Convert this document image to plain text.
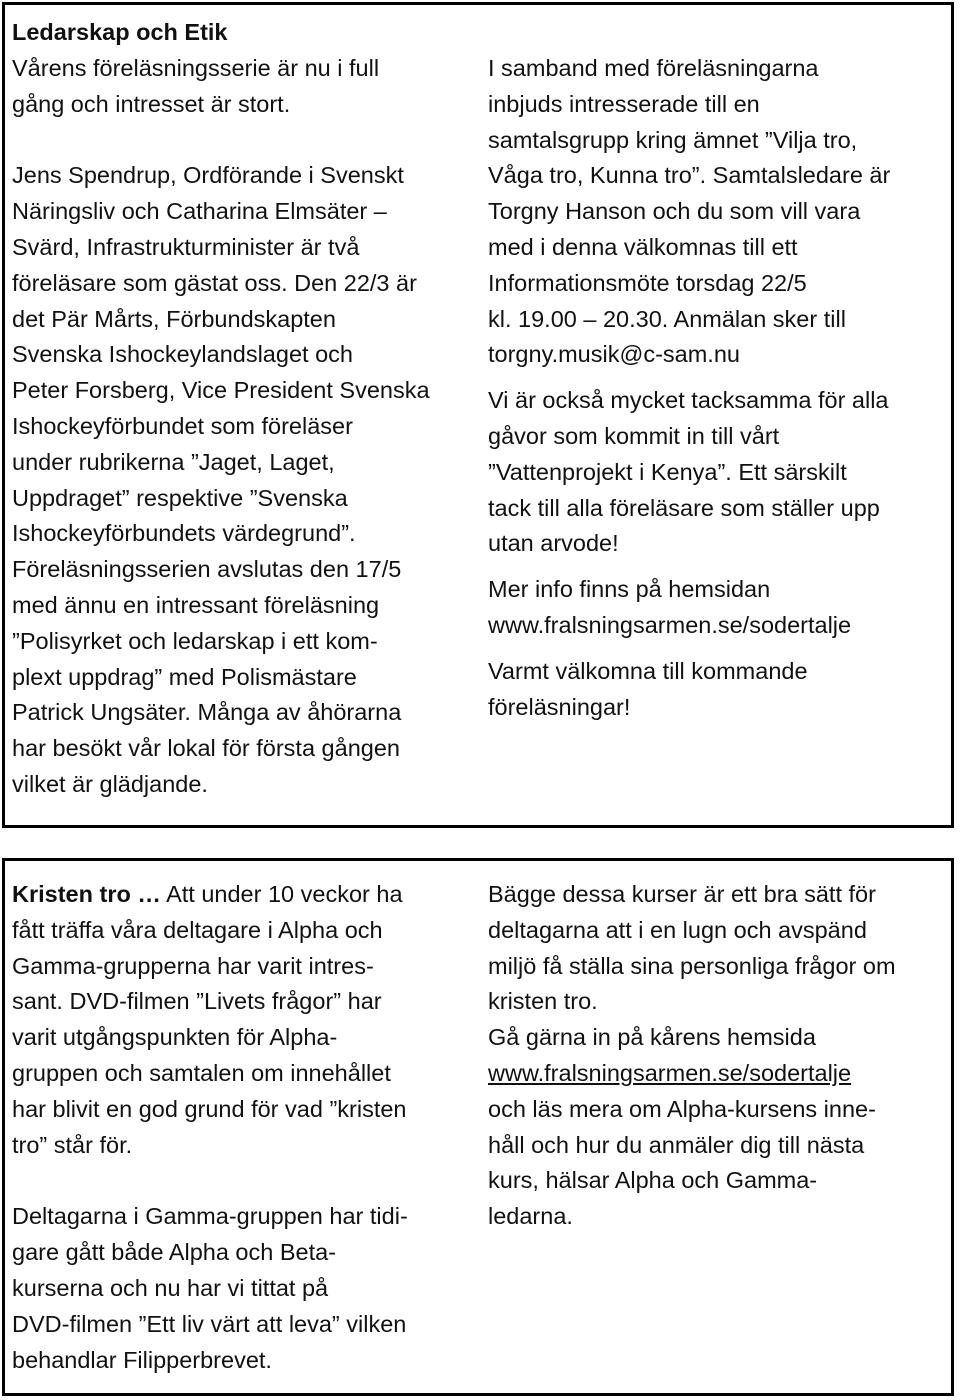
Ledarskap och Etik
Vårens föreläsningsserie är nu i full
gång och intresset är stort.
Jens Spendrup, Ordförande i Svenskt
Näringsliv och Catharina Elmsäter –
Svärd, Infrastrukturminister är två
föreläsare som gästat oss. Den 22/3 är
det Pär Mårts, Förbundskapten
Svenska Ishockeylandslaget och
Peter Forsberg, Vice President Svenska
Ishockeyförbundet som föreläser
under rubrikerna ”Jaget, Laget,
Uppdraget” respektive ”Svenska
Ishockeyförbundets värdegrund”.
Föreläsningsserien avslutas den 17/5
med ännu en intressant föreläsning
”Polisyrket och ledarskap i ett kom-
plext uppdrag” med Polismästare
Patrick Ungsäter. Många av åhörarna
har besökt vår lokal för första gången
vilket är glädjande.
I samband med föreläsningarna
inbjuds intresserade till en
samtalsgrupp kring ämnet ”Vilja tro,
Våga tro, Kunna tro”. Samtalsledare är
Torgny Hanson och du som vill vara
med i denna välkomnas till ett
Informationsmöte torsdag 22/5
kl. 19.00 – 20.30. Anmälan sker till
torgny.musik@c-sam.nu
Vi är också mycket tacksamma för alla
gåvor som kommit in till vårt
”Vattenprojekt i Kenya”. Ett särskilt
tack till alla föreläsare som ställer upp
utan arvode!
Mer info finns på hemsidan
www.fralsningsarmen.se/sodertalje
Varmt välkomna till kommande
föreläsningar!
Kristen tro … Att under 10 veckor ha
fått träffa våra deltagare i Alpha och
Gamma-grupperna har varit intres-
sant. DVD-filmen ”Livets frågor” har
varit utgångspunkten för Alpha-
gruppen och samtalen om innehållet
har blivit en god grund för vad ”kristen
tro” står för.
Deltagarna i Gamma-gruppen har tidi-
gare gått både Alpha och Beta-
kurserna och nu har vi tittat på
DVD-filmen ”Ett liv värt att leva” vilken
behandlar Filipperbrevet.
Bägge dessa kurser är ett bra sätt för
deltagarna att i en lugn och avspänd
miljö få ställa sina personliga frågor om
kristen tro.
Gå gärna in på kårens hemsida
www.fralsningsarmen.se/sodertalje
och läs mera om Alpha-kursens inne-
håll och hur du anmäler dig till nästa
kurs, hälsar Alpha och Gamma-
ledarna.
